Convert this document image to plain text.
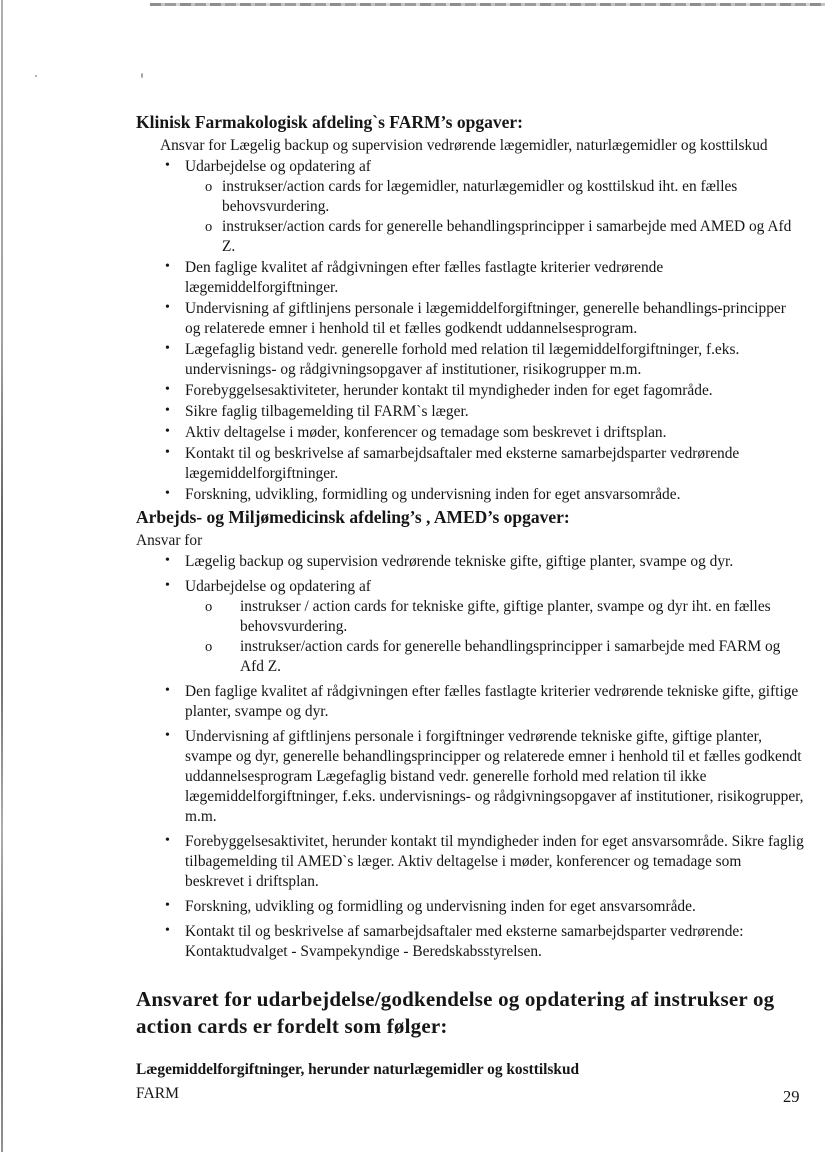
Klinisk Farmakologisk afdeling`s FARM’s opgaver:
Ansvar for Lægelig backup og supervision vedrørende lægemidler, naturlægemidler og kosttilskud
• Udarbejdelse og opdatering af
o instrukser/action cards for lægemidler, naturlægemidler og kosttilskud iht. en fælles behovsvurdering.
o instrukser/action cards for generelle behandlingsprincipper i samarbejde med AMED og Afd Z.
• Den faglige kvalitet af rådgivningen efter fælles fastlagte kriterier vedrørende lægemiddelforgiftninger.
• Undervisning af giftlinjens personale i lægemiddelforgiftninger, generelle behandlings-principper og relaterede emner i henhold til et fælles godkendt uddannelsesprogram.
• Lægefaglig bistand vedr. generelle forhold med relation til lægemiddelforgiftninger, f.eks. undervisnings- og rådgivningsopgaver af institutioner, risikogrupper m.m.
• Forebyggelsesaktiviteter, herunder kontakt til myndigheder inden for eget fagområde.
• Sikre faglig tilbagemelding til FARM`s læger.
• Aktiv deltagelse i møder, konferencer og temadage som beskrevet i driftsplan.
• Kontakt til og beskrivelse af samarbejdsaftaler med eksterne samarbejdsparter vedrørende lægemiddelforgiftninger.
• Forskning, udvikling, formidling og undervisning inden for eget ansvarsområde.
Arbejds- og Miljømedicinsk afdeling’s , AMED’s opgaver:
Ansvar for
• Lægelig backup og supervision vedrørende tekniske gifte, giftige planter, svampe og dyr.
• Udarbejdelse og opdatering af
o instrukser / action cards for tekniske gifte, giftige planter, svampe og dyr iht. en fælles behovsvurdering.
o instrukser/action cards for generelle behandlingsprincipper i samarbejde med FARM og Afd Z.
• Den faglige kvalitet af rådgivningen efter fælles fastlagte kriterier vedrørende tekniske gifte, giftige planter, svampe og dyr.
• Undervisning af giftlinjens personale i forgiftninger vedrørende tekniske gifte, giftige planter, svampe og dyr, generelle behandlingsprincipper og relaterede emner i henhold til et fælles godkendt uddannelsesprogram Lægefaglig bistand vedr. generelle forhold med relation til ikke lægemiddelforgiftninger, f.eks. undervisnings- og rådgivningsopgaver af institutioner, risikogrupper, m.m.
• Forebyggelsesaktivitet, herunder kontakt til myndigheder inden for eget ansvarsområde. Sikre faglig tilbagemelding til AMED`s læger. Aktiv deltagelse i møder, konferencer og temadage som beskrevet i driftsplan.
• Forskning, udvikling og formidling og undervisning inden for eget ansvarsområde.
• Kontakt til og beskrivelse af samarbejdsaftaler med eksterne samarbejdsparter vedrørende: Kontaktudvalget - Svampekyndige - Beredskabsstyrelsen.
Ansvaret for udarbejdelse/godkendelse og opdatering af instrukser og action cards er fordelt som følger:
Lægemiddelforgiftninger, herunder naturlægemidler og kosttilskud
FARM	29
